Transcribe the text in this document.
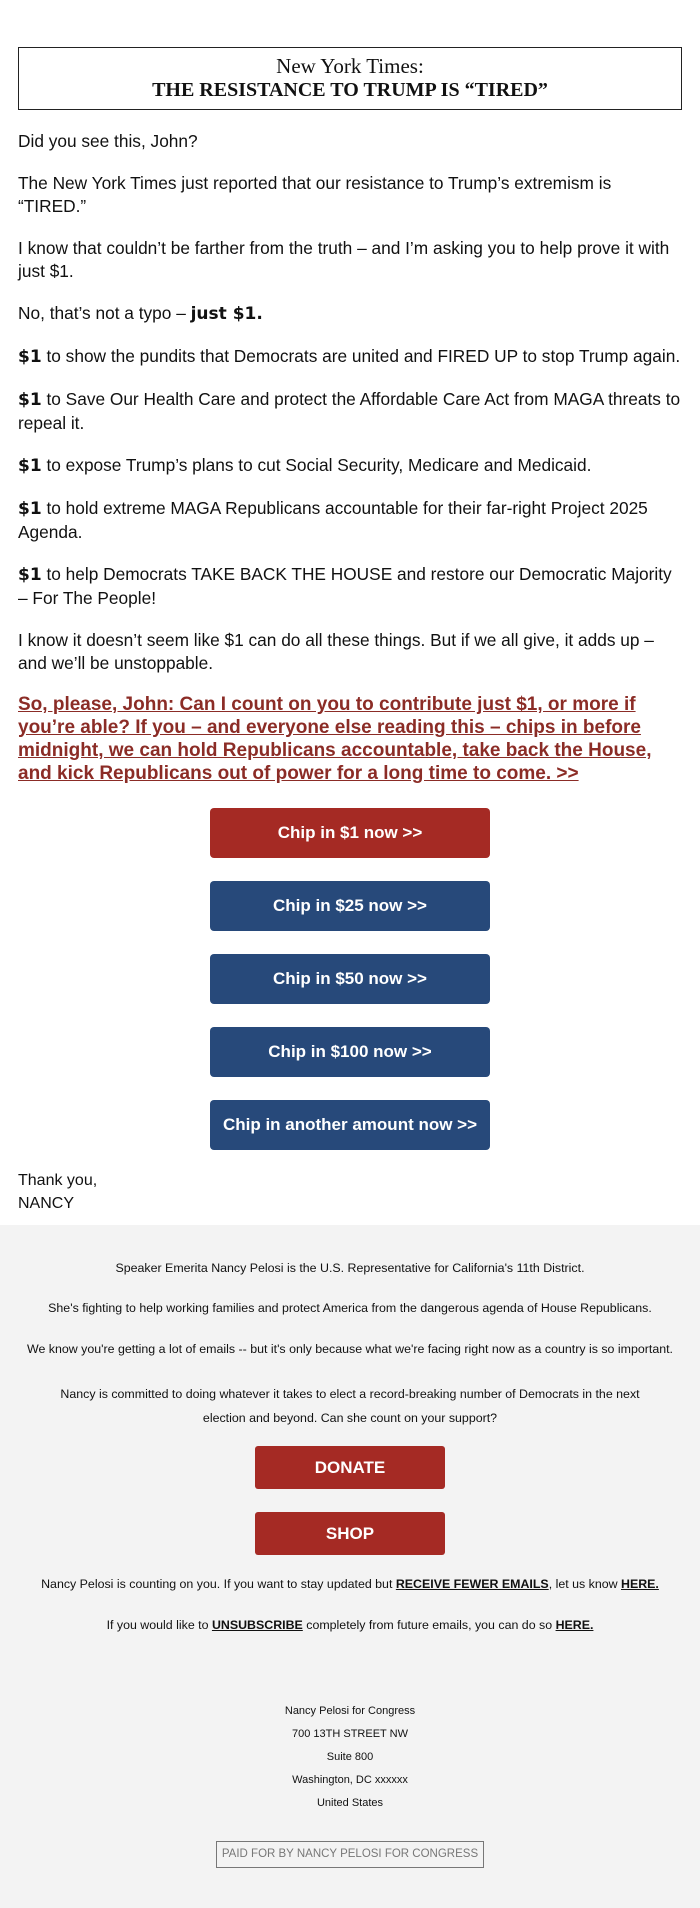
New York Times:
THE RESISTANCE TO TRUMP IS “TIRED”

Did you see this, John?

The New York Times just reported that our resistance to Trump’s extremism is “TIRED.”

I know that couldn’t be farther from the truth – and I’m asking you to help prove it with just $1.

No, that’s not a typo – just $1.

$1 to show the pundits that Democrats are united and FIRED UP to stop Trump again.

$1 to Save Our Health Care and protect the Affordable Care Act from MAGA threats to repeal it.

$1 to expose Trump’s plans to cut Social Security, Medicare and Medicaid.

$1 to hold extreme MAGA Republicans accountable for their far-right Project 2025 Agenda.

$1 to help Democrats TAKE BACK THE HOUSE and restore our Democratic Majority – For The People!

I know it doesn’t seem like $1 can do all these things. But if we all give, it adds up – and we’ll be unstoppable.

So, please, John: Can I count on you to contribute just $1, or more if you’re able? If you – and everyone else reading this – chips in before midnight, we can hold Republicans accountable, take back the House, and kick Republicans out of power for a long time to come. >>
Chip in $1 now >>
Chip in $25 now >>
Chip in $50 now >>
Chip in $100 now >>
Chip in another amount now >>
Thank you,
NANCY

Speaker Emerita Nancy Pelosi is the U.S. Representative for California's 11th District.

She's fighting to help working families and protect America from the dangerous agenda of House Republicans.

We know you're getting a lot of emails -- but it's only because what we're facing right now as a country is so important.

Nancy is committed to doing whatever it takes to elect a record-breaking number of Democrats in the next election and beyond. Can she count on your support?

DONATE
SHOP

Nancy Pelosi is counting on you. If you want to stay updated but RECEIVE FEWER EMAILS, let us know HERE.

If you would like to UNSUBSCRIBE completely from future emails, you can do so HERE.

Nancy Pelosi for Congress
700 13TH STREET NW
Suite 800
Washington, DC xxxxxx
United States
PAID FOR BY NANCY PELOSI FOR CONGRESS
